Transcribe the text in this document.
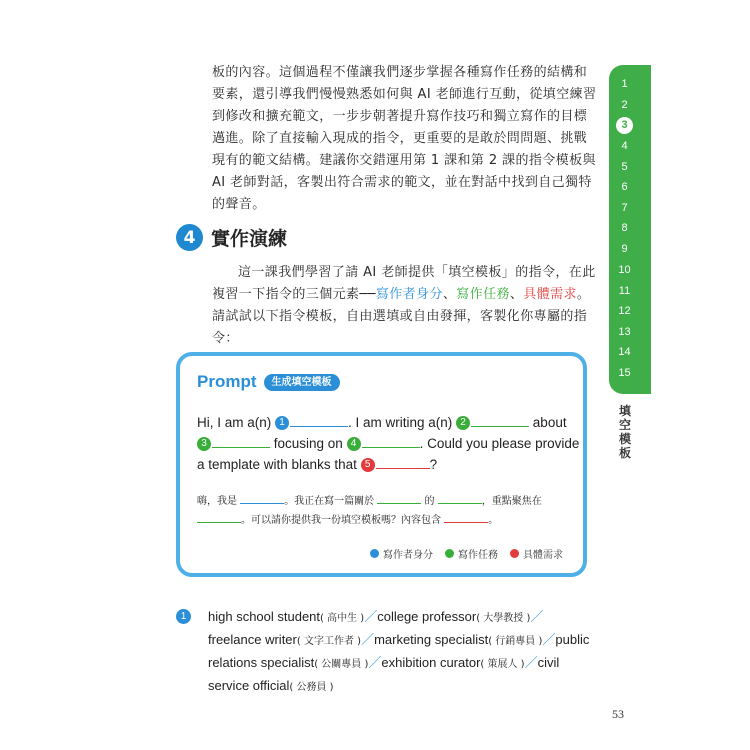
板的內容。這個過程不僅讓我們逐步掌握各種寫作任務的結構和要素，還引導我們慢慢熟悉如何與 AI 老師進行互動，從填空練習到修改和擴充範文，一步步朝著提升寫作技巧和獨立寫作的目標邁進。除了直接輸入現成的指令，更重要的是敢於問問題、挑戰現有的範文結構。建議你交錯運用第 1 課和第 2 課的指令模板與 AI 老師對話，客製出符合需求的範文，並在對話中找到自己獨特的聲音。

4 實作演練

這一課我們學習了請 AI 老師提供「填空模板」的指令，在此複習一下指令的三個元素──寫作者身分、寫作任務、具體需求。請試試以下指令模板，自由選填或自由發揮，客製化你專屬的指令：

Prompt	生成填空模板
Hi, I am a(n) 1	. I am writing a(n) 2	about
3	focusing on 4	. Could you please provide a template with blanks that 5	?
嗨，我是	。我正在寫一篇關於	的	，重點聚焦在
。可以請你提供我一份填空模板嗎？內容包含	。
寫作者身分	寫作任務	具體需求
1	high school student( 高中生 )／college professor( 大學教授 )／ freelance writer( 文字工作者 )／marketing specialist( 行銷專員 )／public relations specialist( 公關專員 )／exhibition curator( 策展人 )／civil service official( 公務員 )
1
2
3
4
5
6
7
8
9
10
11
12
13
14
15
填空模板
53
